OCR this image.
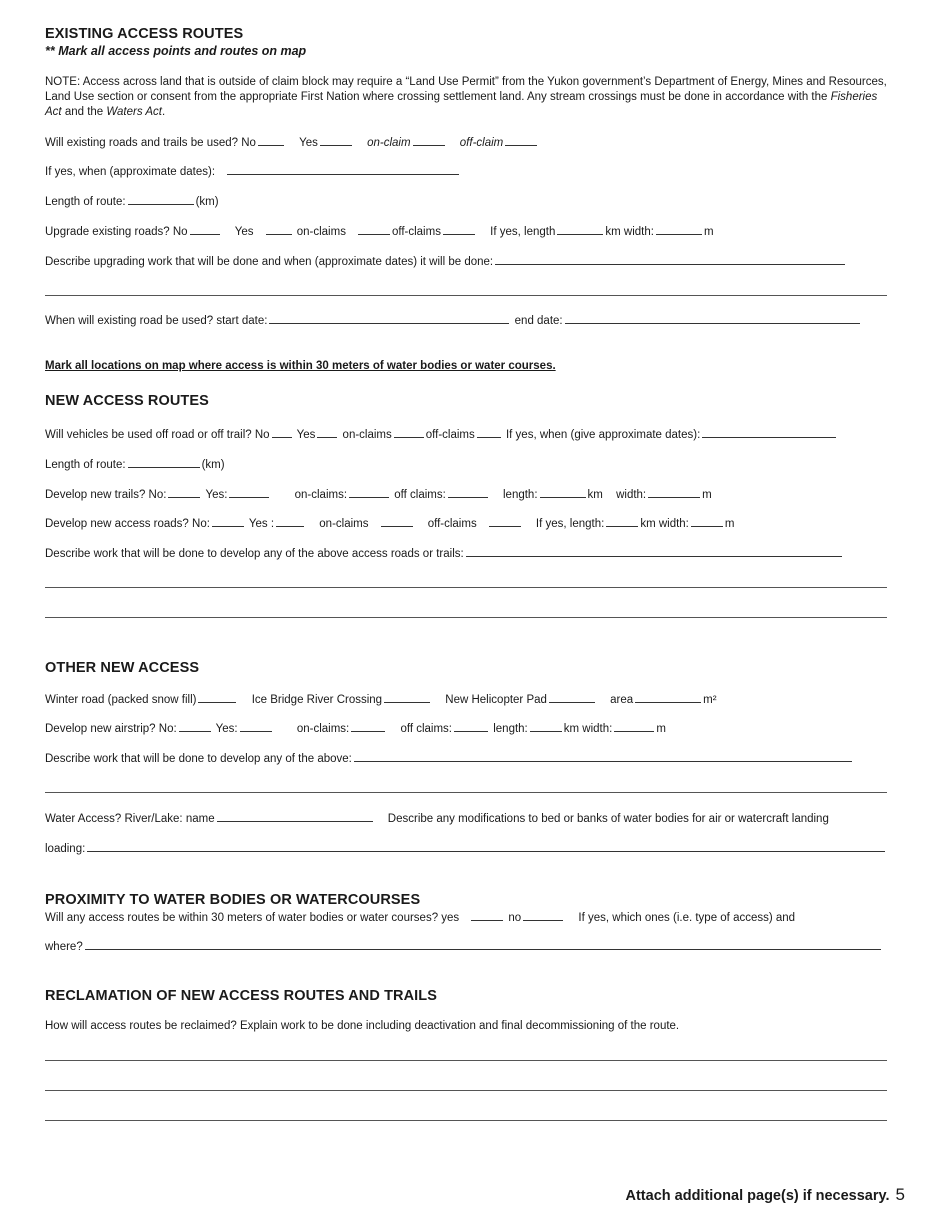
EXISTING ACCESS ROUTES
** Mark all access points and routes on map
NOTE: Access across land that is outside of claim block may require a “Land Use Permit” from the Yukon government’s Department of Energy, Mines and Resources, Land Use section or consent from the appropriate First Nation where crossing settlement land. Any stream crossings must be done in accordance with the Fisheries Act and the Waters Act.
Will existing roads and trails be used? No	Yes	on-claim	off-claim
If yes, when (approximate dates):
Length of route:	(km)
Upgrade existing roads? No	Yes	on-claims	off-claims	If yes, length	km width:	m
Describe upgrading work that will be done and when (approximate dates) it will be done:
When will existing road be used? start date:	end date:
Mark all locations on map where access is within 30 meters of water bodies or water courses.
NEW ACCESS ROUTES
Will vehicles be used off road or off trail? No Yes on-claims	off-claims	If yes, when (give approximate dates):
Length of route:	(km)
Develop new trails? No:	Yes:	on-claims:	off claims:	length:	km width:	m
Develop new access roads? No:	Yes :	on-claims	off-claims	If yes, length:	km width:	m
Describe work that will be done to develop any of the above access roads or trails:
OTHER NEW ACCESS
Winter road (packed snow fill)	Ice Bridge River Crossing	New Helicopter Pad	area	m²
Develop new airstrip? No:	Yes:	on-claims:	off claims:	length:	km width:	m
Describe work that will be done to develop any of the above:
Water Access? River/Lake: name	Describe any modifications to bed or banks of water bodies for air or watercraft landing
loading:
PROXIMITY TO WATER BODIES OR WATERCOURSES
Will any access routes be within 30 meters of water bodies or water courses? yes	no	If yes, which ones (i.e. type of access) and
where?
RECLAMATION OF NEW ACCESS ROUTES AND TRAILS
How will access routes be reclaimed? Explain work to be done including deactivation and final decommissioning of the route.
Attach additional page(s) if necessary. 5
